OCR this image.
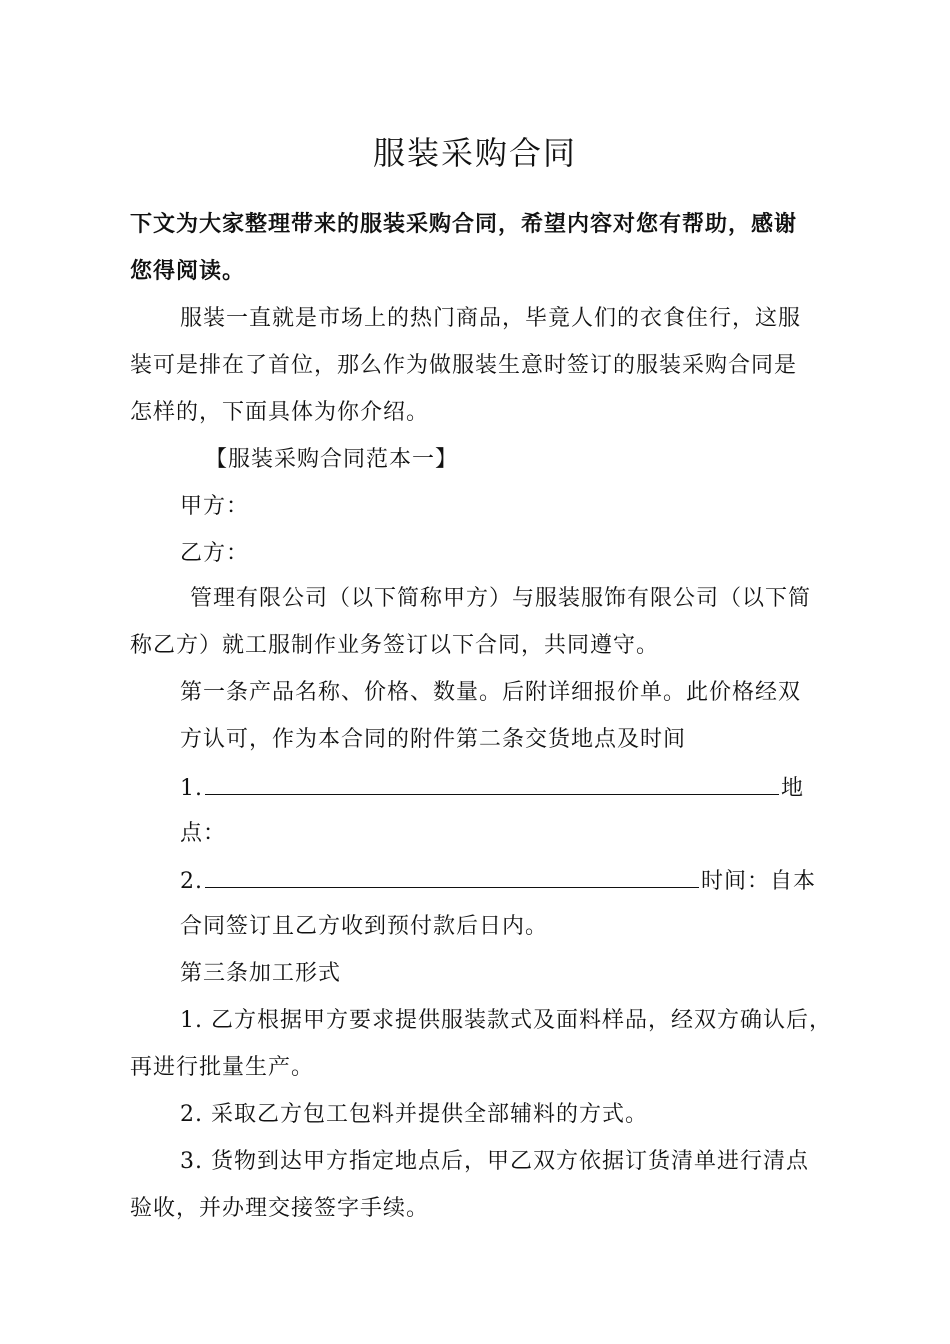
服装采购合同
下文为大家整理带来的服装采购合同，希望内容对您有帮助，感谢
您得阅读。
服装一直就是市场上的热门商品，毕竟人们的衣食住行，这服
装可是排在了首位，那么作为做服装生意时签订的服装采购合同是
怎样的，下面具体为你介绍。
【服装采购合同范本一】
甲方：
乙方：
管理有限公司（以下简称甲方）与服装服饰有限公司（以下简
称乙方）就工服制作业务签订以下合同，共同遵守。
第一条产品名称、价格、数量。后附详细报价单。此价格经双
方认可，作为本合同的附件第二条交货地点及时间
1.	地
点：
2.	时间：自本
合同签订且乙方收到预付款后日内。
第三条加工形式
1. 乙方根据甲方要求提供服装款式及面料样品，经双方确认后，
再进行批量生产。
2. 采取乙方包工包料并提供全部辅料的方式。
3. 货物到达甲方指定地点后，甲乙双方依据订货清单进行清点
验收，并办理交接签字手续。
